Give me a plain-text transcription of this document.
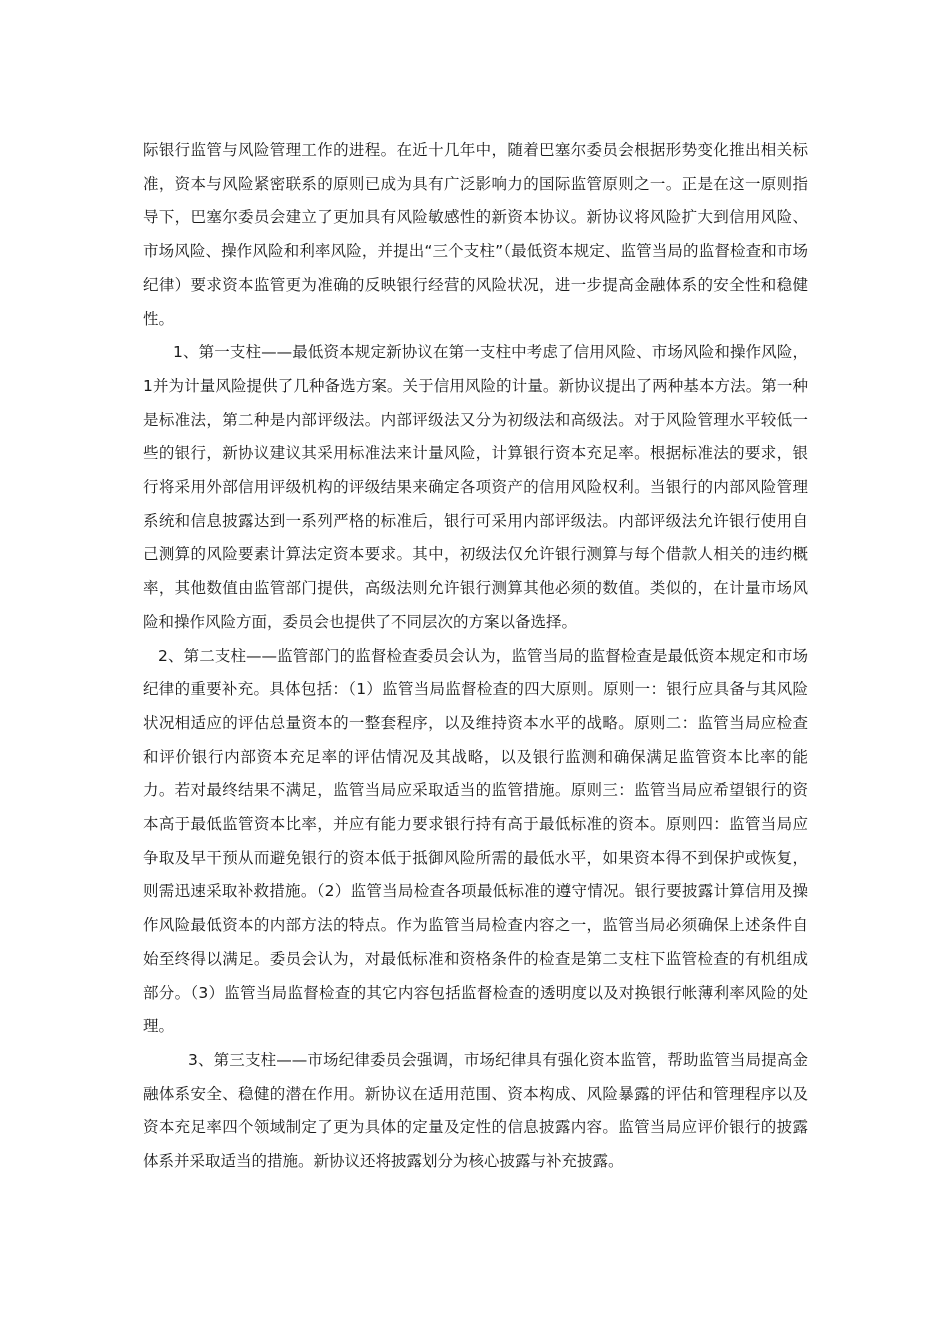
际银行监管与风险管理工作的进程。在近十几年中，随着巴塞尔委员会根据形势变化推出相关标准，资本与风险紧密联系的原则已成为具有广泛影响力的国际监管原则之一。正是在这一原则指导下，巴塞尔委员会建立了更加具有风险敏感性的新资本协议。新协议将风险扩大到信用风险、市场风险、操作风险和利率风险，并提出“三个支柱”（最低资本规定、监管当局的监督检查和市场纪律）要求资本监管更为准确的反映银行经营的风险状况，进一步提高金融体系的安全性和稳健性。

1、第一支柱——最低资本规定新协议在第一支柱中考虑了信用风险、市场风险和操作风险，1并为计量风险提供了几种备选方案。关于信用风险的计量。新协议提出了两种基本方法。第一种是标准法，第二种是内部评级法。内部评级法又分为初级法和高级法。对于风险管理水平较低一些的银行，新协议建议其采用标准法来计量风险，计算银行资本充足率。根据标准法的要求，银行将采用外部信用评级机构的评级结果来确定各项资产的信用风险权利。当银行的内部风险管理系统和信息披露达到一系列严格的标准后，银行可采用内部评级法。内部评级法允许银行使用自己测算的风险要素计算法定资本要求。其中，初级法仅允许银行测算与每个借款人相关的违约概率，其他数值由监管部门提供，高级法则允许银行测算其他必须的数值。类似的，在计量市场风险和操作风险方面，委员会也提供了不同层次的方案以备选择。

2、第二支柱——监管部门的监督检查委员会认为，监管当局的监督检查是最低资本规定和市场纪律的重要补充。具体包括：（1）监管当局监督检查的四大原则。原则一：银行应具备与其风险状况相适应的评估总量资本的一整套程序，以及维持资本水平的战略。原则二：监管当局应检查和评价银行内部资本充足率的评估情况及其战略，以及银行监测和确保满足监管资本比率的能力。若对最终结果不满足，监管当局应采取适当的监管措施。原则三：监管当局应希望银行的资本高于最低监管资本比率，并应有能力要求银行持有高于最低标准的资本。原则四：监管当局应争取及早干预从而避免银行的资本低于抵御风险所需的最低水平，如果资本得不到保护或恢复，则需迅速采取补救措施。（2）监管当局检查各项最低标准的遵守情况。银行要披露计算信用及操作风险最低资本的内部方法的特点。作为监管当局检查内容之一，监管当局必须确保上述条件自始至终得以满足。委员会认为，对最低标准和资格条件的检查是第二支柱下监管检查的有机组成部分。（3）监管当局监督检查的其它内容包括监督检查的透明度以及对换银行帐薄利率风险的处理。

3、第三支柱——市场纪律委员会强调，市场纪律具有强化资本监管，帮助监管当局提高金融体系安全、稳健的潜在作用。新协议在适用范围、资本构成、风险暴露的评估和管理程序以及资本充足率四个领域制定了更为具体的定量及定性的信息披露内容。监管当局应评价银行的披露体系并采取适当的措施。新协议还将披露划分为核心披露与补充披露。
